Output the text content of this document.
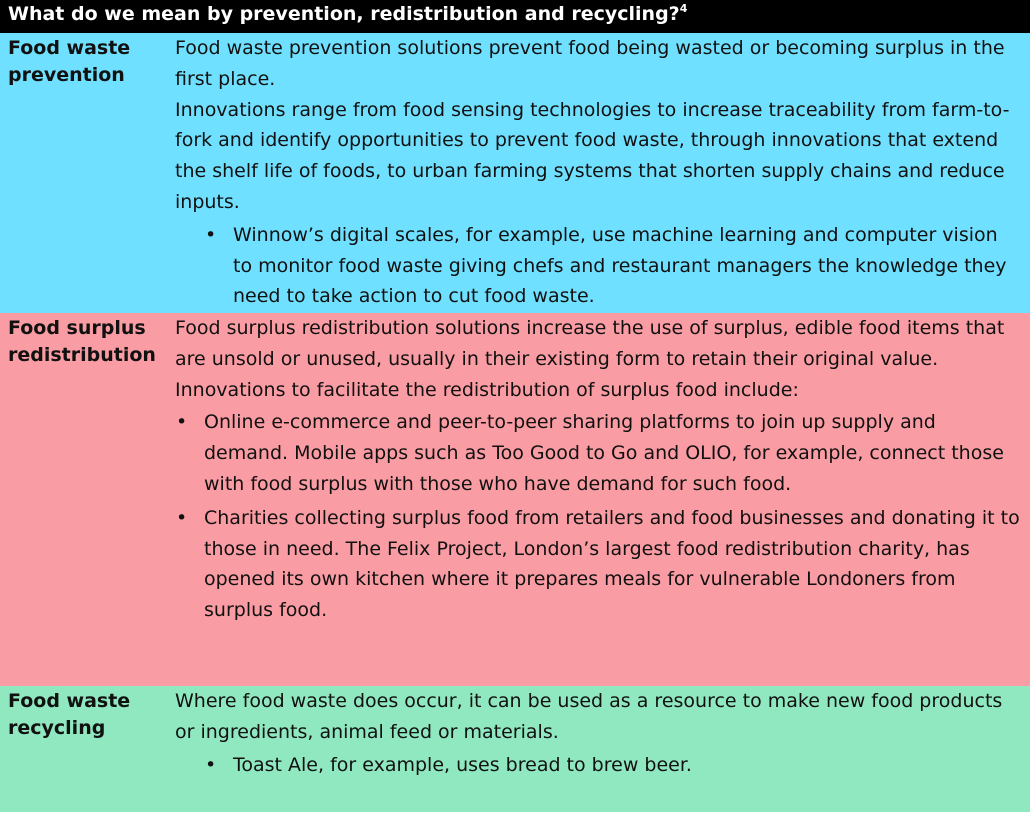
What do we mean by prevention, redistribution and recycling?$^4$
Food waste prevention

Food waste prevention solutions prevent food being wasted or becoming surplus in the first place.

Innovations range from food sensing technologies to increase traceability from farm-to-fork and identify opportunities to prevent food waste, through innovations that extend the shelf life of foods, to urban farming systems that shorten supply chains and reduce inputs.

• Winnow’s digital scales, for example, use machine learning and computer vision to monitor food waste giving chefs and restaurant managers the knowledge they need to take action to cut food waste.
Food surplus redistribution

Food surplus redistribution solutions increase the use of surplus, edible food items that are unsold or unused, usually in their existing form to retain their original value.

Innovations to facilitate the redistribution of surplus food include:

• Online e-commerce and peer-to-peer sharing platforms to join up supply and demand. Mobile apps such as Too Good to Go and OLIO, for example, connect those with food surplus with those who have demand for such food.
• Charities collecting surplus food from retailers and food businesses and donating it to those in need. The Felix Project, London’s largest food redistribution charity, has opened its own kitchen where it prepares meals for vulnerable Londoners from surplus food.
Food waste recycling

Where food waste does occur, it can be used as a resource to make new food products or ingredients, animal feed or materials.

• Toast Ale, for example, uses bread to brew beer.
